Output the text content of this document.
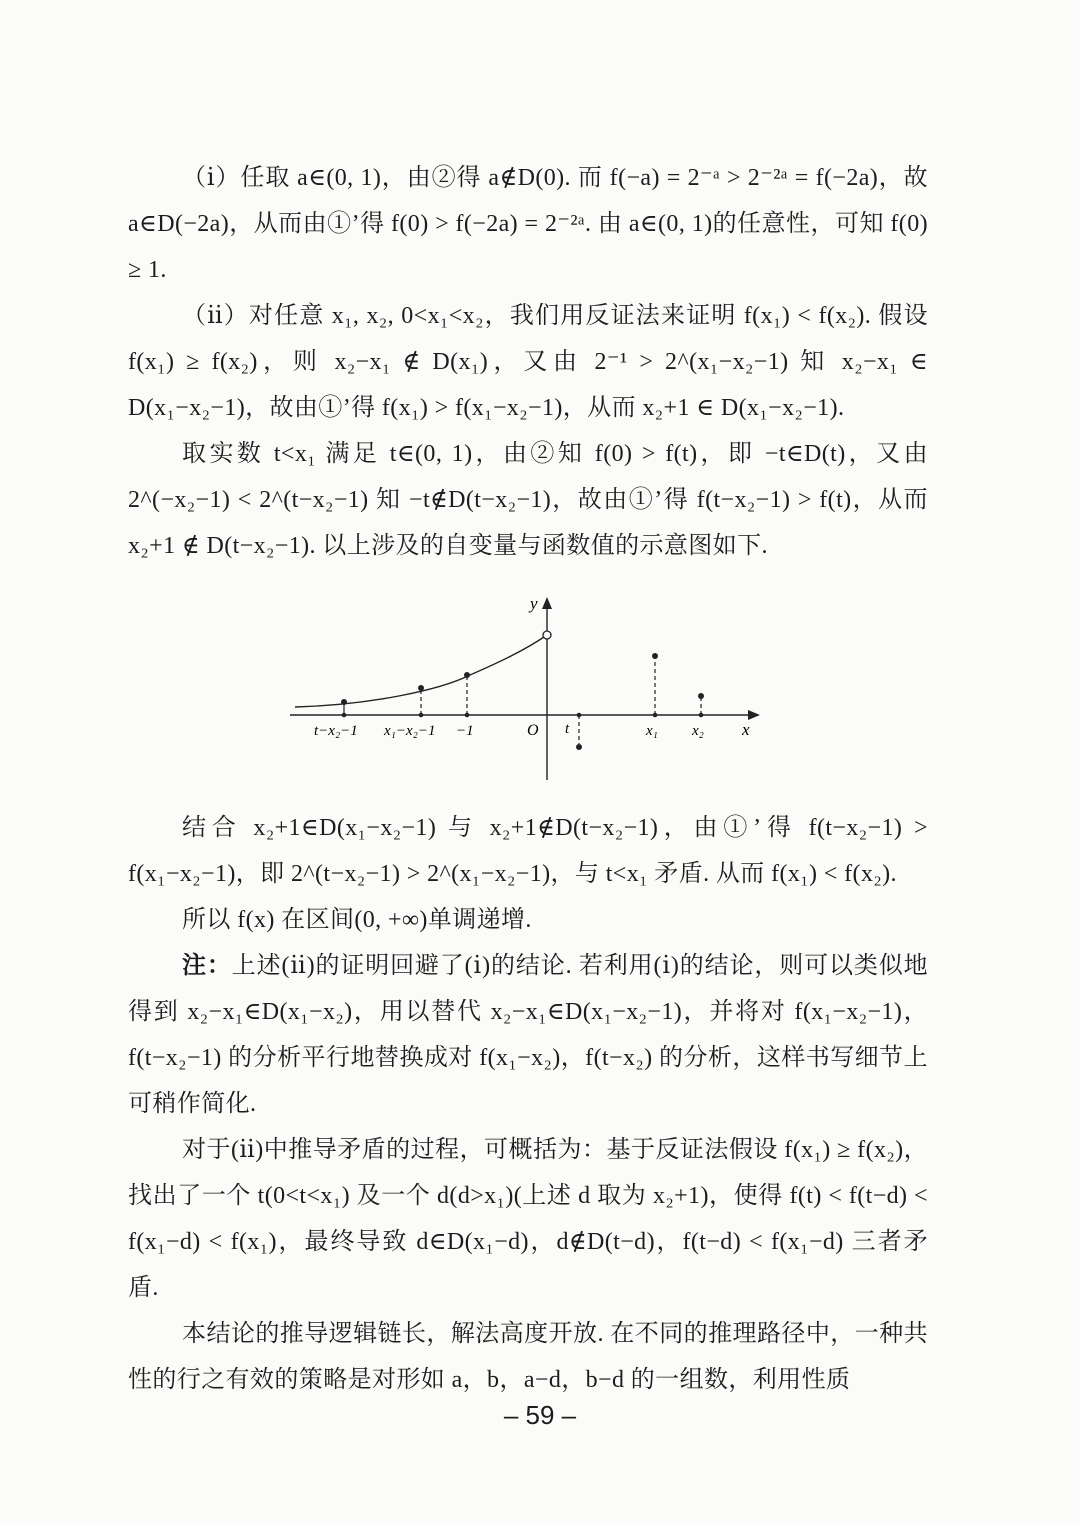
（ⅰ）任取 a∈(0, 1)，由②得 a∉D(0). 而 f(−a) = 2⁻ᵃ > 2⁻²ᵃ = f(−2a)，故 a∈D(−2a)，从而由①’得 f(0) > f(−2a) = 2⁻²ᵃ. 由 a∈(0, 1)的任意性，可知 f(0) ≥ 1.

（ⅱ）对任意 x₁, x₂, 0<x₁<x₂，我们用反证法来证明 f(x₁) < f(x₂). 假设 f(x₁) ≥ f(x₂)，则 x₂−x₁ ∉ D(x₁)，又由 2⁻¹ > 2^(x₁−x₂−1) 知 x₂−x₁ ∈ D(x₁−x₂−1)，故由①’得 f(x₁) > f(x₁−x₂−1)，从而 x₂+1 ∈ D(x₁−x₂−1).

取实数 t<x₁ 满足 t∈(0, 1)，由②知 f(0) > f(t)，即 −t∈D(t)，又由 2^(−x₂−1) < 2^(t−x₂−1) 知 −t∉D(t−x₂−1)，故由①’得 f(t−x₂−1) > f(t)，从而 x₂+1 ∉ D(t−x₂−1). 以上涉及的自变量与函数值的示意图如下.

y
x
O
t−x₂−1 x₁−x₂−1 −1	t	x₁ x₂

结合 x₂+1∈D(x₁−x₂−1) 与 x₂+1∉D(t−x₂−1)，由①’得 f(t−x₂−1) > f(x₁−x₂−1)，即 2^(t−x₂−1) > 2^(x₁−x₂−1)，与 t<x₁ 矛盾. 从而 f(x₁) < f(x₂).

所以 f(x) 在区间(0, +∞)单调递增.

注：上述(ⅱ)的证明回避了(ⅰ)的结论. 若利用(ⅰ)的结论，则可以类似地得到 x₂−x₁∈D(x₁−x₂)，用以替代 x₂−x₁∈D(x₁−x₂−1)，并将对 f(x₁−x₂−1)，f(t−x₂−1) 的分析平行地替换成对 f(x₁−x₂)，f(t−x₂) 的分析，这样书写细节上可稍作简化.

对于(ⅱ)中推导矛盾的过程，可概括为：基于反证法假设 f(x₁) ≥ f(x₂)，找出了一个 t(0<t<x₁) 及一个 d(d>x₁)(上述 d 取为 x₂+1)，使得 f(t) < f(t−d) < f(x₁−d) < f(x₁)，最终导致 d∈D(x₁−d)，d∉D(t−d)，f(t−d) < f(x₁−d) 三者矛盾.

本结论的推导逻辑链长，解法高度开放. 在不同的推理路径中，一种共性的行之有效的策略是对形如 a，b，a−d，b−d 的一组数，利用性质

– 59 –
